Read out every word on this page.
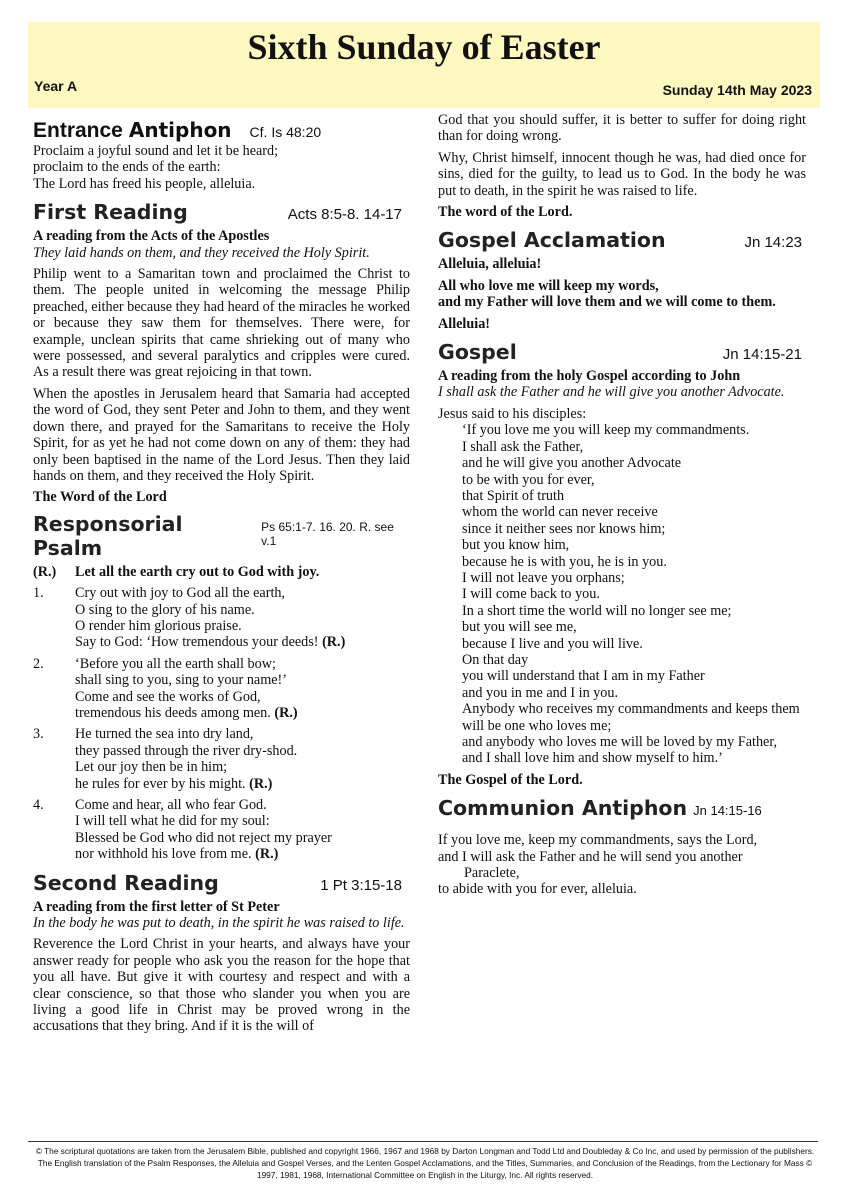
Sixth Sunday of Easter
Year A	Sunday 14th May 2023
Entrance Antiphon Cf. Is 48:20
Proclaim a joyful sound and let it be heard;
proclaim to the ends of the earth:
The Lord has freed his people, alleluia.
First Reading	Acts 8:5-8. 14-17
A reading from the Acts of the Apostles
They laid hands on them, and they received the Holy Spirit.
Philip went to a Samaritan town and proclaimed the Christ to them. The people united in welcoming the message Philip preached, either because they had heard of the miracles he worked or because they saw them for themselves. There were, for example, unclean spirits that came shrieking out of many who were possessed, and several paralytics and cripples were cured. As a result there was great rejoicing in that town.
When the apostles in Jerusalem heard that Samaria had accepted the word of God, they sent Peter and John to them, and they went down there, and prayed for the Samaritans to receive the Holy Spirit, for as yet he had not come down on any of them: they had only been baptised in the name of the Lord Jesus. Then they laid hands on them, and they received the Holy Spirit.
The Word of the Lord
Responsorial Psalm
Ps 65:1-7. 16. 20. R. see v.1
(R.)	Let all the earth cry out to God with joy.
1.	Cry out with joy to God all the earth,
O sing to the glory of his name.
O render him glorious praise.
Say to God: ‘How tremendous your deeds! (R.)
2.	‘Before you all the earth shall bow;
shall sing to you, sing to your name!’
Come and see the works of God,
tremendous his deeds among men. (R.)
3.	He turned the sea into dry land,
they passed through the river dry-shod.
Let our joy then be in him;
he rules for ever by his might. (R.)
4.	Come and hear, all who fear God.
I will tell what he did for my soul:
Blessed be God who did not reject my prayer
nor withhold his love from me. (R.)
Second Reading	1 Pt 3:15-18
A reading from the first letter of St Peter
In the body he was put to death, in the spirit he was raised to life.
Reverence the Lord Christ in your hearts, and always have your answer ready for people who ask you the reason for the hope that you all have. But give it with courtesy and respect and with a clear conscience, so that those who slander you when you are living a good life in Christ may be proved wrong in the accusations that they bring. And if it is the will of
God that you should suffer, it is better to suffer for doing right than for doing wrong.
Why, Christ himself, innocent though he was, had died once for sins, died for the guilty, to lead us to God. In the body he was put to death, in the spirit he was raised to life.
The word of the Lord.
Gospel Acclamation	Jn 14:23
Alleluia, alleluia!
All who love me will keep my words,
and my Father will love them and we will come to them.
Alleluia!
Gospel	Jn 14:15-21
A reading from the holy Gospel according to John
I shall ask the Father and he will give you another Advocate.
Jesus said to his disciples:
‘If you love me you will keep my commandments.
I shall ask the Father,
and he will give you another Advocate
to be with you for ever,
that Spirit of truth
whom the world can never receive
since it neither sees nor knows him;
but you know him,
because he is with you, he is in you.
I will not leave you orphans;
I will come back to you.
In a short time the world will no longer see me;
but you will see me,
because I live and you will live.
On that day
you will understand that I am in my Father
and you in me and I in you.
Anybody who receives my commandments and keeps them
will be one who loves me;
and anybody who loves me will be loved by my Father,
and I shall love him and show myself to him.’
The Gospel of the Lord.
Communion Antiphon Jn 14:15-16
If you love me, keep my commandments, says the Lord,
and I will ask the Father and he will send you another
Paraclete,
to abide with you for ever, alleluia.
© The scriptural quotations are taken from the Jerusalem Bible, published and copyright 1966, 1967 and 1968 by Darton Longman and Todd Ltd and Doubleday & Co Inc, and used by permission of the publishers. The English translation of the Psalm Responses, the Alleluia and Gospel Verses, and the Lenten Gospel Acclamations, and the Titles, Summaries, and Conclusion of the Readings, from the Lectionary for Mass © 1997, 1981, 1968, International Committee on English in the Liturgy, Inc. All rights reserved.
